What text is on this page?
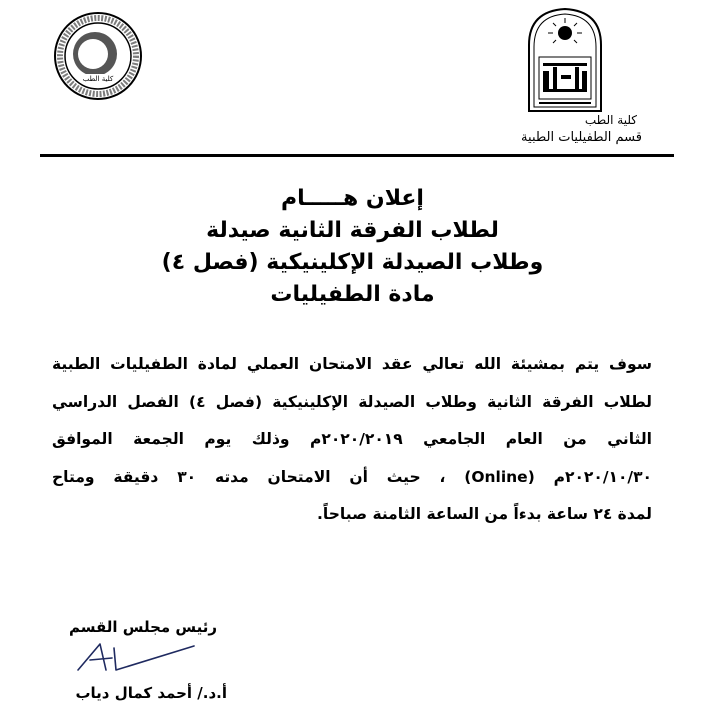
كلية الطب
كلية الطب
قسم الطفيليات الطبية
إعلان هـــــام
لطلاب الفرقة الثانية صيدلة
وطلاب الصيدلة الإكلينيكية (فصل ٤)
مادة الطفيليات
سوف يتم بمشيئة الله تعالي عقد الامتحان العملي لمادة الطفيليات الطبية
لطلاب الفرقة الثانية وطلاب الصيدلة الإكلينيكية (فصل ٤) الفصل الدراسي
الثاني من العام الجامعي ٢٠٢٠/٢٠١٩م وذلك يوم الجمعة الموافق
٢٠٢٠/١٠/٣٠م (Online) ، حيث أن الامتحان مدته ٣٠ دقيقة ومتاح
لمدة ٢٤ ساعة بدءاً من الساعة الثامنة صباحاً.
رئيس مجلس القسم
أ.د./ أحمد كمال دياب
